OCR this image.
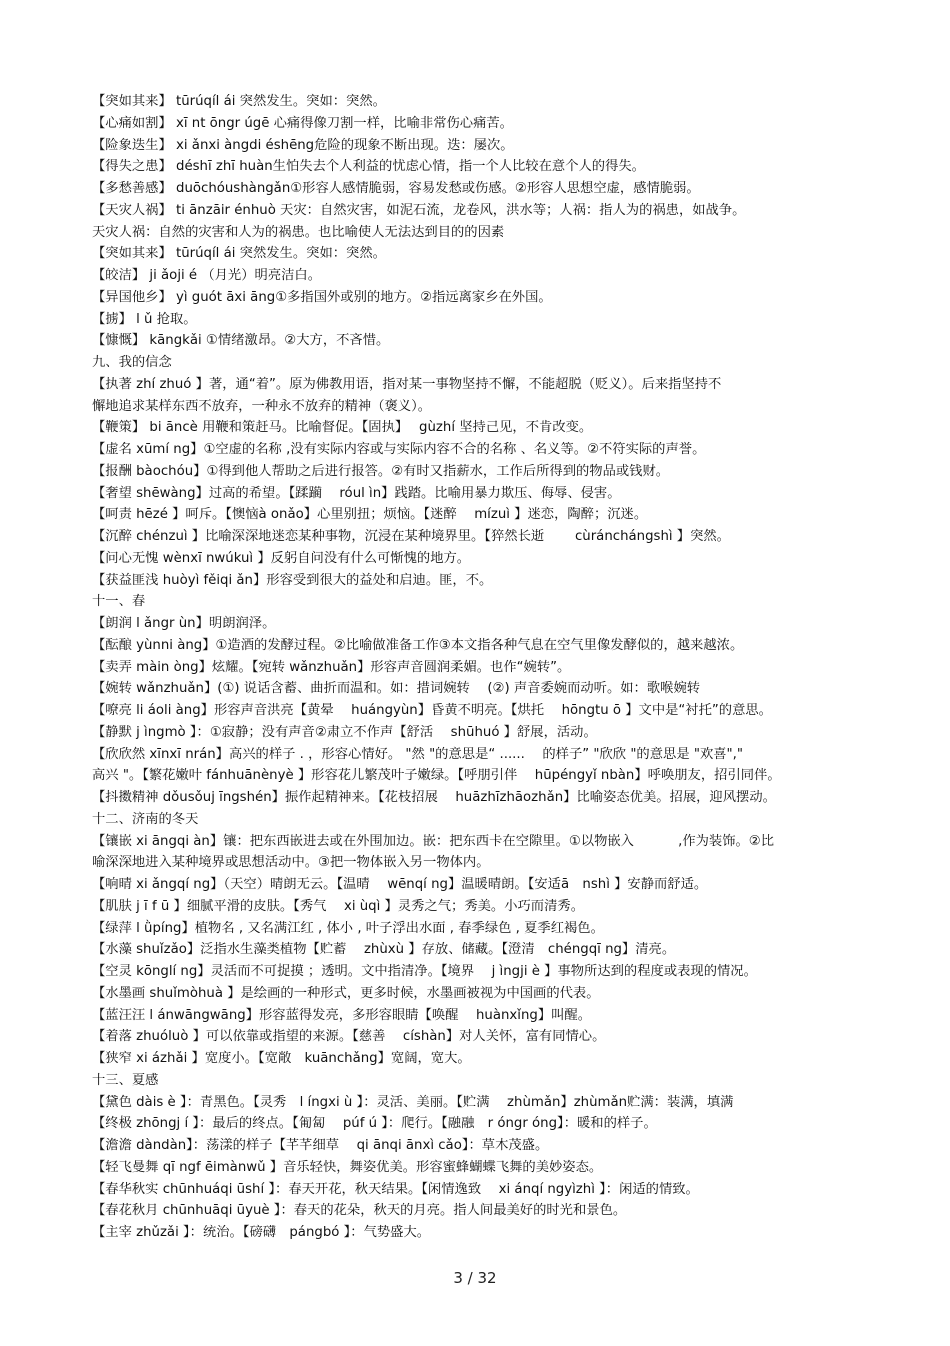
【突如其来】 tūrúqíl ái 突然发生。突如：突然。
【心痛如割】 xī nt ōngr úgē 心痛得像刀割一样，比喻非常伤心痛苦。
【险象迭生】 xi ǎnxi àngdi éshēng危险的现象不断出现。迭：屡次。
【得失之患】 déshī zhī huàn生怕失去个人利益的忧虑心情，指一个人比较在意个人的得失。
【多愁善感】 duōchóushàngǎn①形容人感情脆弱，容易发愁或伤感。②形容人思想空虚，感情脆弱。
【天灾人祸】 ti ānzāir énhuò 天灾：自然灾害，如泥石流，龙卷风，洪水等；人祸：指人为的祸患，如战争。
天灾人祸：自然的灾害和人为的祸患。也比喻使人无法达到目的的因素
【突如其来】 tūrúqíl ái 突然发生。突如：突然。
【皎洁】 ji ǎoji é （月光）明亮洁白。
【异国他乡】 yì guót āxi āng①多指国外或别的地方。②指远离家乡在外国。
【掳】 l ǔ 抢取。
【慷慨】 kāngkǎi ①情绪激昂。②大方，不吝惜。
九、我的信念
【执著 zhí zhuó 】著，通“着”。原为佛教用语，指对某一事物坚持不懈，不能超脱（贬义）。后来指坚持不
懈地追求某样东西不放弃，一种永不放弃的精神（褒义）。
【鞭策】 bi āncè 用鞭和策赶马。比喻督促。【固执】　 gùzhí 坚持己见，不肯改变。
【虚名 xūmí ng】①空虚的名称 ,没有实际内容或与实际内容不合的名称 、名义等。②不符实际的声誉。
【报酬 bàochóu】①得到他人帮助之后进行报答。②有时又指薪水，工作后所得到的物品或钱财。
【奢望 shēwàng】过高的希望。【蹂躏　 róul ìn】践踏。比喻用暴力欺压、侮辱、侵害。
【呵责 hēzé 】呵斥。【懊恼à onǎo】心里别扭；烦恼。【迷醉　 mízuì 】迷恋，陶醉；沉迷。
【沉醉 chénzuì 】比喻深深地迷恋某种事物，沉浸在某种境界里。【猝然长逝　　 cùránchángshì 】突然。
【问心无愧 wènxī nwúkuì 】反躬自问没有什么可惭愧的地方。
【获益匪浅 huòyì fěiqi ǎn】形容受到很大的益处和启迪。匪，不。
十一、春
【朗润 l ǎngr ùn】明朗润泽。
【酝酿 yùnni àng】①造酒的发酵过程。②比喻做准备工作③本文指各种气息在空气里像发酵似的，越来越浓。
【卖弄 màin òng】炫耀。【宛转 wǎnzhuǎn】形容声音圆润柔媚。也作“婉转”。
【婉转 wǎnzhuǎn】(①) 说话含蓄、曲折而温和。如：措词婉转　 (②) 声音委婉而动听。如：歌喉婉转
【嘹亮 li áoli àng】形容声音洪亮【黄晕　 huángyùn】昏黄不明亮。【烘托　 hōngtu ō 】文中是“衬托”的意思。
【静默 j ìngmò 】：①寂静；没有声音②肃立不作声【舒活　 shūhuó 】舒展，活动。
【欣欣然 xīnxī nrán】高兴的样子 . ，形容心情好。 "然 "的意思是“ ......　 的样子” "欣欣 "的意思是 "欢喜","
高兴 "。【繁花嫩叶 fánhuānènyè 】形容花儿繁茂叶子嫩绿。【呼朋引伴　 hūpéngyǐ nbàn】呼唤朋友，招引同伴。
【抖擞精神 dǒusǒuj īngshén】振作起精神来。【花枝招展　 huāzhīzhāozhǎn】比喻姿态优美。招展，迎风摆动。
十二、济南的冬天
【镶嵌 xi āngqi àn】镶：把东西嵌进去或在外围加边。嵌：把东西卡在空隙里。①以物嵌入　　　 ,作为装饰。②比
喻深深地进入某种境界或思想活动中。③把一物体嵌入另一物体内。
【响晴 xi ǎngqí ng】（天空）晴朗无云。【温晴　 wēnqí ng】温暖晴朗。【安适ā　nshì 】安静而舒适。
【肌肤 j ī f ū 】细腻平滑的皮肤。【秀气　 xi ùqì 】灵秀之气；秀美。小巧而清秀。
【绿萍 l ǜpíng】植物名 , 又名满江红 , 体小 , 叶子浮出水面 , 春季绿色 , 夏季红褐色。
【水藻 shuǐzǎo】泛指水生藻类植物【贮蓄　 zhùxù 】存放、储藏。【澄清　chéngqī ng】清亮。
【空灵 kōnglí ng】灵活而不可捉摸 ；透明。文中指清净。【境界　 j ìngji è 】事物所达到的程度或表现的情况。
【水墨画 shuǐmòhuà 】是绘画的一种形式，更多时候，水墨画被视为中国画的代表。
【蓝汪汪 l ánwāngwāng】形容蓝得发亮，多形容眼睛【唤醒　 huànxǐng】叫醒。
【着落 zhuóluò 】可以依靠或指望的来源。【慈善　 císhàn】对人关怀，富有同情心。
【狭窄 xi ázhǎi 】宽度小。【宽敞　kuānchǎng】宽阔，宽大。
十三、夏感
【黛色 dàis è 】：青黑色。【灵秀　l íngxi ù 】：灵活、美丽。【贮满　 zhùmǎn】zhùmǎn贮满：装满，填满
【终极 zhōngj í 】：最后的终点。【匍匐　 púf ú 】：爬行。【融融　r óngr óng】：暖和的样子。
【澹澹 dàndàn】：荡漾的样子【芊芊细草　 qi ānqi ānxì cǎo】：草木茂盛。
【轻飞曼舞 qī ngf ēimànwǔ 】音乐轻快，舞姿优美。形容蜜蜂蝴蝶飞舞的美妙姿态。
【春华秋实 chūnhuáqi ūshí 】：春天开花，秋天结果。【闲情逸致　 xi ánqí ngyìzhì 】：闲适的情致。
【春花秋月 chūnhuāqi ūyuè 】：春天的花朵，秋天的月亮。指人间最美好的时光和景色。
【主宰 zhǔzǎi 】：统治。【磅礴　pángbó 】：气势盛大。
3 / 32
